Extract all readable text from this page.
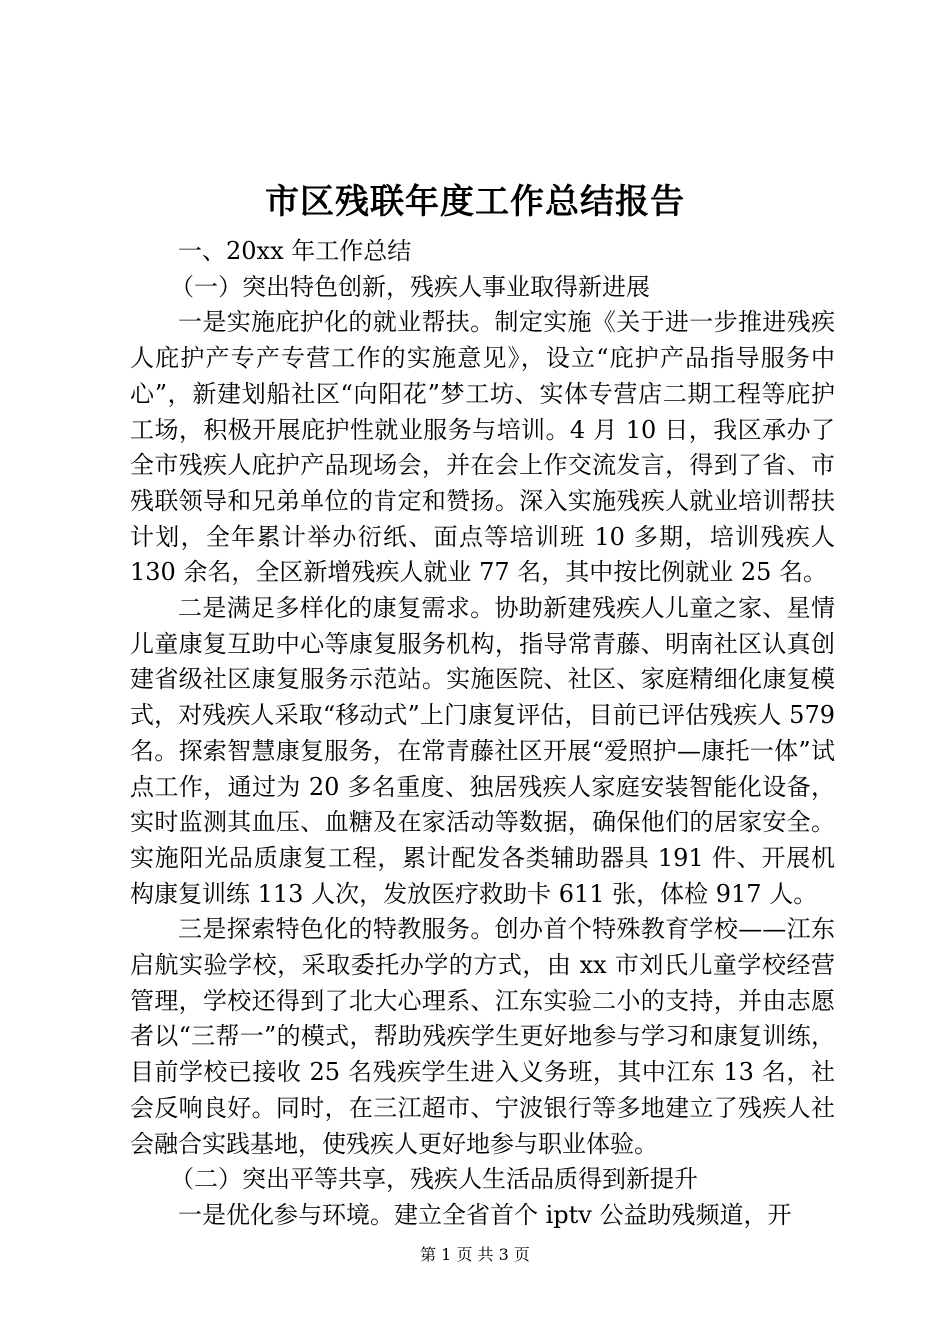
市区残联年度工作总结报告

一、20xx 年工作总结

（一）突出特色创新，残疾人事业取得新进展

一是实施庇护化的就业帮扶。制定实施《关于进一步推进残疾人庇护产专产专营工作的实施意见》，设立“庇护产品指导服务中心”，新建划船社区“向阳花”梦工坊、实体专营店二期工程等庇护工场，积极开展庇护性就业服务与培训。4 月 10 日，我区承办了全市残疾人庇护产品现场会，并在会上作交流发言，得到了省、市残联领导和兄弟单位的肯定和赞扬。深入实施残疾人就业培训帮扶计划，全年累计举办衍纸、面点等培训班 10 多期，培训残疾人 130 余名，全区新增残疾人就业 77 名，其中按比例就业 25 名。

二是满足多样化的康复需求。协助新建残疾人儿童之家、星情儿童康复互助中心等康复服务机构，指导常青藤、明南社区认真创建省级社区康复服务示范站。实施医院、社区、家庭精细化康复模式，对残疾人采取“移动式”上门康复评估，目前已评估残疾人 579 名。探索智慧康复服务，在常青藤社区开展“爱照护—康托一体”试点工作，通过为 20 多名重度、独居残疾人家庭安装智能化设备，实时监测其血压、血糖及在家活动等数据，确保他们的居家安全。实施阳光品质康复工程，累计配发各类辅助器具 191 件、开展机构康复训练 113 人次，发放医疗救助卡 611 张，体检 917 人。

三是探索特色化的特教服务。创办首个特殊教育学校——江东启航实验学校，采取委托办学的方式，由 xx 市刘氏儿童学校经营管理，学校还得到了北大心理系、江东实验二小的支持，并由志愿者以“三帮一”的模式，帮助残疾学生更好地参与学习和康复训练，目前学校已接收 25 名残疾学生进入义务班，其中江东 13 名，社会反响良好。同时，在三江超市、宁波银行等多地建立了残疾人社会融合实践基地，使残疾人更好地参与职业体验。

（二）突出平等共享，残疾人生活品质得到新提升

一是优化参与环境。建立全省首个 iptv 公益助残频道，开

第 1 页 共 3 页
